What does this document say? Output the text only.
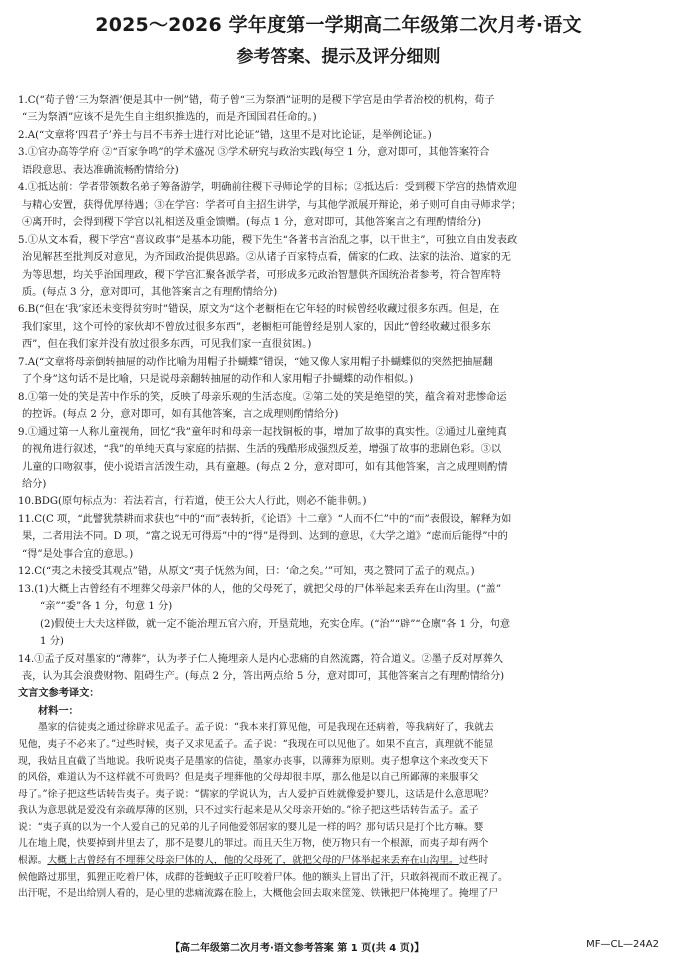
2025～2026 学年度第一学期高二年级第二次月考·语文
参考答案、提示及评分细则

1.C(“荀子曾‘三为祭酒’便是其中一例”错，荀子曾“三为祭酒”证明的是稷下学宫是由学者治校的机构，荀子

“三为祭酒”应该不是先生自主组织推选的，而是齐国国君任命的。)

2.A(“文章将‘四君子’养士与吕不韦养士进行对比论证”错，这里不是对比论证，是举例论证。)

3.①官办高等学府 ②“百家争鸣”的学术盛况 ③学术研究与政治实践(每空 1 分，意对即可，其他答案符合

语段意思、表达准确流畅酌情给分)

4.①抵达前：学者带领数名弟子筹备游学，明确前往稷下寻师论学的目标；②抵达后：受到稷下学宫的热情欢迎

与精心安置，获得优厚待遇；③在学宫：学者可自主招生讲学，与其他学派展开辩论，弟子则可自由寻师求学；

④离开时，会得到稷下学宫以礼相送及重金馈赠。(每点 1 分，意对即可，其他答案言之有理酌情给分)

5.①从文本看，稷下学宫“喜议政事”是基本功能，稷下先生“各著书言治乱之事，以干世主”，可独立自由发表政

治见解甚至批判反对意见，为齐国政治提供思路。②从诸子百家特点看，儒家的仁政、法家的法治、道家的无

为等思想，均关乎治国理政，稷下学宫汇聚各派学者，可形成多元政治智慧供齐国统治者参考，符合智库特

质。(每点 3 分，意对即可，其他答案言之有理酌情给分)

6.B(“但在‘我’家还未变得贫穷时”错误，原文为“这个老橱柜在它年轻的时候曾经收藏过很多东西。但是，在

我们家里，这个可怜的家伙却不曾放过很多东西”，老橱柜可能曾经是别人家的，因此“曾经收藏过很多东

西”，但在我们家并没有放过很多东西，可见我们家一直很贫困。)

7.A(“文章将母亲倒转抽屉的动作比喻为用帽子扑蝴蝶”错误，“她又像人家用帽子扑蝴蝶似的突然把抽屉翻

了个身”这句话不是比喻，只是说母亲翻转抽屉的动作和人家用帽子扑蝴蝶的动作相似。)

8.①第一处的笑是苦中作乐的笑，反映了母亲乐观的生活态度。②第二处的笑是绝望的笑，蕴含着对悲惨命运

的控诉。(每点 2 分，意对即可，如有其他答案，言之成理则酌情给分)

9.①通过第一人称儿童视角，回忆“我”童年时和母亲一起找铜板的事，增加了故事的真实性。②通过儿童纯真

的视角进行叙述，“我”的单纯天真与家庭的拮据、生活的残酷形成强烈反差，增强了故事的悲剧色彩。③以

儿童的口吻叙事，使小说语言活泼生动，具有童趣。(每点 2 分，意对即可，如有其他答案，言之成理则酌情

给分)

10.BDG(原句标点为：若法若言，行若道，使王公大人行此，则必不能非朝。)

11.C(C 项，“此譬犹禁耕而求获也”中的“而”表转折，《论语》十二章》“人而不仁”中的“而”表假设，解释为如

果，二者用法不同。D 项，“富之说无可得焉”中的“得”是得到、达到的意思，《大学之道》“虑而后能得”中的

“得”是处事合宜的意思。)

12.C(“夷之未接受其观点”错，从原文“夷子怃然为间，曰：‘命之矣。’”可知，夷之赞同了孟子的观点。)

13.(1)大概上古曾经有不埋葬父母亲尸体的人，他的父母死了，就把父母的尸体举起来丢弃在山沟里。(“盖”

“亲”“委”各 1 分，句意 1 分)

(2)假使士大夫这样做，就一定不能治理五官六府，开垦荒地，充实仓库。(“治”“辟”“仓廪”各 1 分，句意

1 分)

14.①孟子反对墨家的“薄葬”，认为孝子仁人掩埋亲人是内心悲痛的自然流露，符合道义。②墨子反对厚葬久

丧，认为其会浪费财物、阻碍生产。(每点 2 分，答出两点给 5 分，意对即可，其他答案言之有理酌情给分)

文言文参考译文：

材料一：

墨家的信徒夷之通过徐辟求见孟子。孟子说：“我本来打算见他，可是我现在还病着，等我病好了，我就去

见他，夷子不必来了。”过些时候，夷子又求见孟子。孟子说：“我现在可以见他了。如果不直言，真理就不能显

现，我姑且直截了当地说。我听说夷子是墨家的信徒，墨家办丧事，以薄葬为原则。夷子想拿这个来改变天下

的风俗，难道认为不这样就不可贵吗？但是夷子埋葬他的父母却很丰厚，那么他是以自己所鄙薄的来服事父

母了。”徐子把这些话转告夷子。夷子说：“儒家的学说认为，古人爱护百姓就像爱护婴儿，这话是什么意思呢？

我认为意思就是爱没有亲疏厚薄的区别，只不过实行起来是从父母亲开始的。”徐子把这些话转告孟子。孟子

说：“夷子真的以为一个人爱自己的兄弟的儿子同他爱邻居家的婴儿是一样的吗？那句话只是打个比方嘛。婴

儿在地上爬，快要掉到井里去了，那不是婴儿的罪过。而且天生万物，使万物只有一个根源，而夷子却有两个

根源。大概上古曾经有不埋葬父母亲尸体的人，他的父母死了，就把父母的尸体举起来丢弃在山沟里。过些时

候他路过那里，狐狸正吃着尸体，成群的苍蝇蚊子正叮咬着尸体。他的额头上冒出了汗，只敢斜视而不敢正视了。

出汗呢，不是出给别人看的，是心里的悲痛流露在脸上，大概他会回去取来筐笼、铁锹把尸体掩埋了。掩埋了尸

【高二年级第二次月考·语文参考答案 第 1 页(共 4 页)】	MF—CL—24A2
